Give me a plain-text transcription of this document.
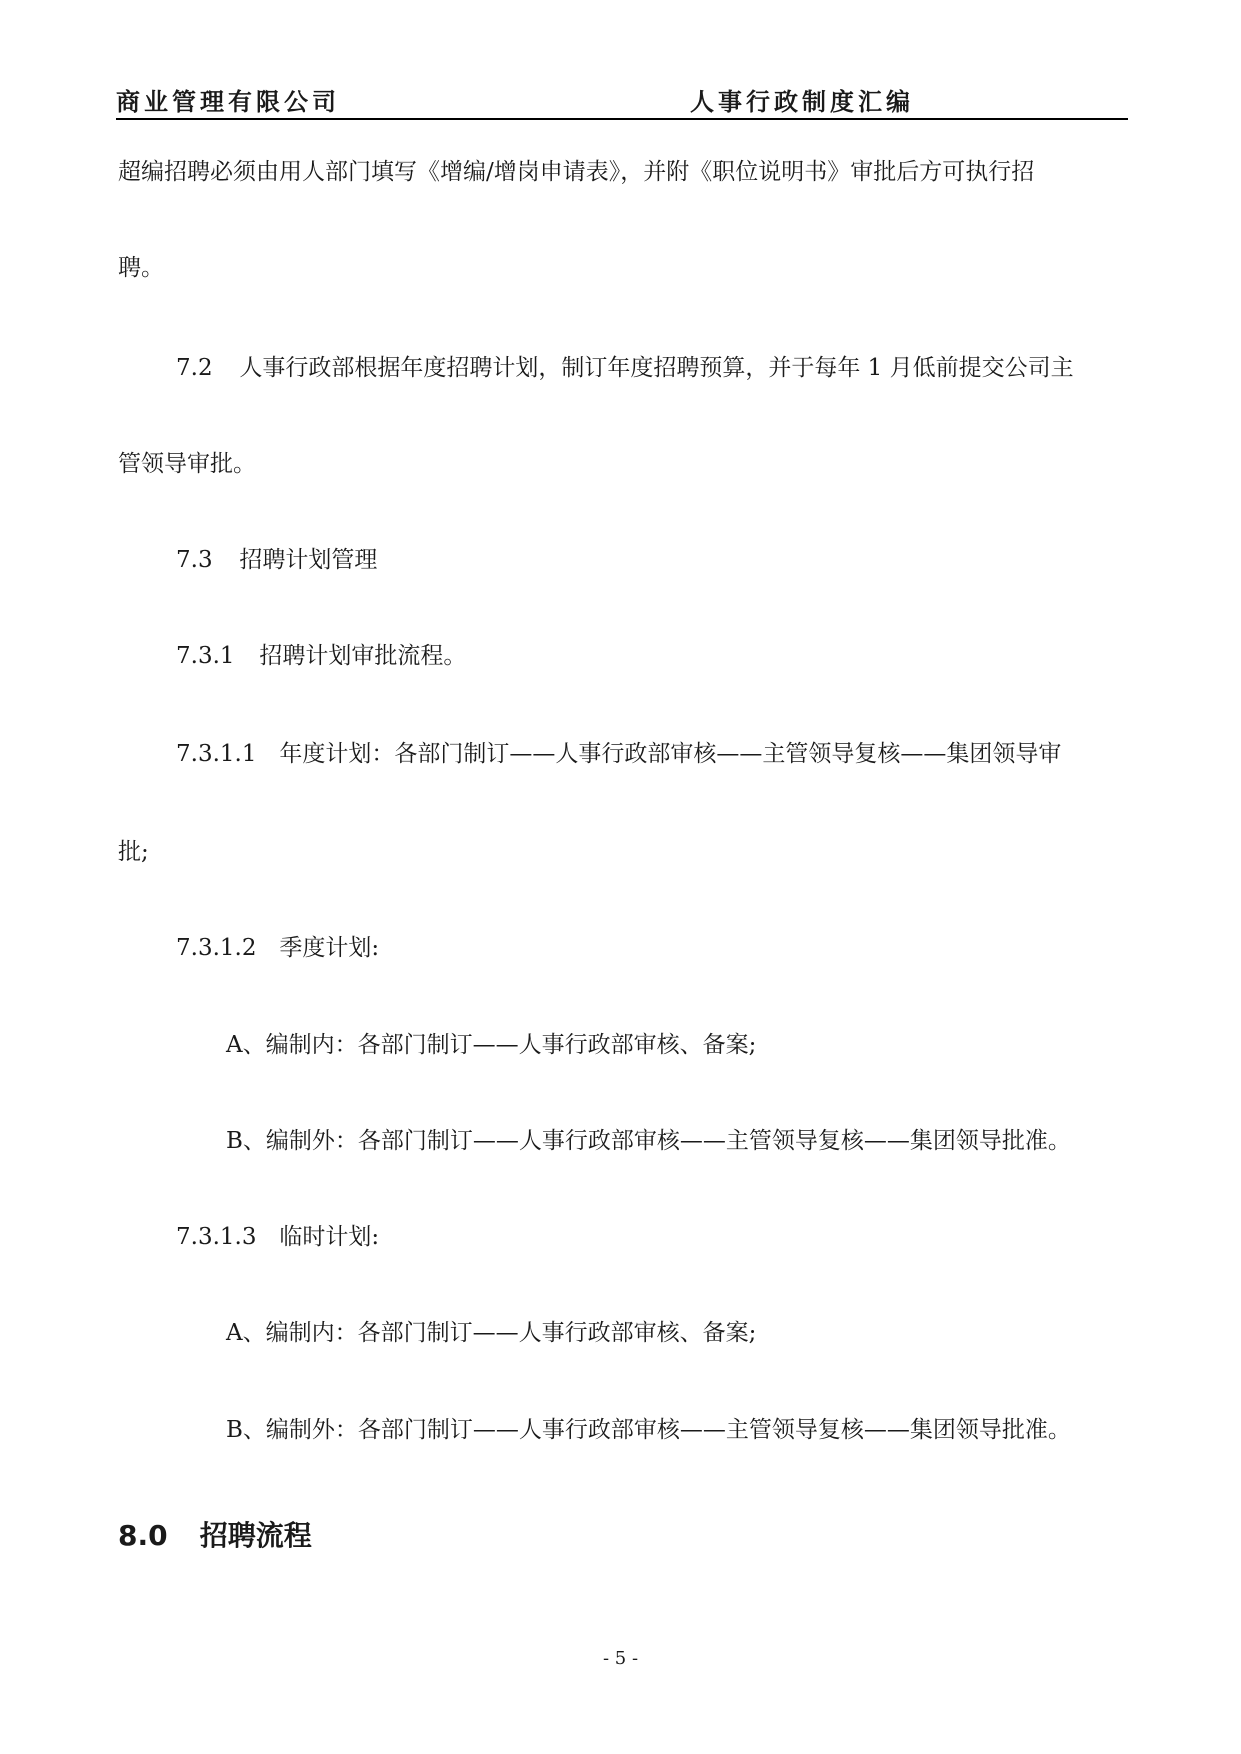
商业管理有限公司	人事行政制度汇编
超编招聘必须由用人部门填写《增编/增岗申请表》，并附《职位说明书》审批后方可执行招
聘。
7.2 人事行政部根据年度招聘计划，制订年度招聘预算，并于每年 1 月低前提交公司主
管领导审批。
7.3 招聘计划管理
7.3.1 招聘计划审批流程。
7.3.1.1 年度计划：各部门制订——人事行政部审核——主管领导复核——集团领导审
批;
7.3.1.2 季度计划:
A、编制内：各部门制订——人事行政部审核、备案;
B、编制外：各部门制订——人事行政部审核——主管领导复核——集团领导批准。
7.3.1.3 临时计划:
A、编制内：各部门制订——人事行政部审核、备案;
B、编制外：各部门制订——人事行政部审核——主管领导复核——集团领导批准。
8.0 招聘流程
- 5 -
